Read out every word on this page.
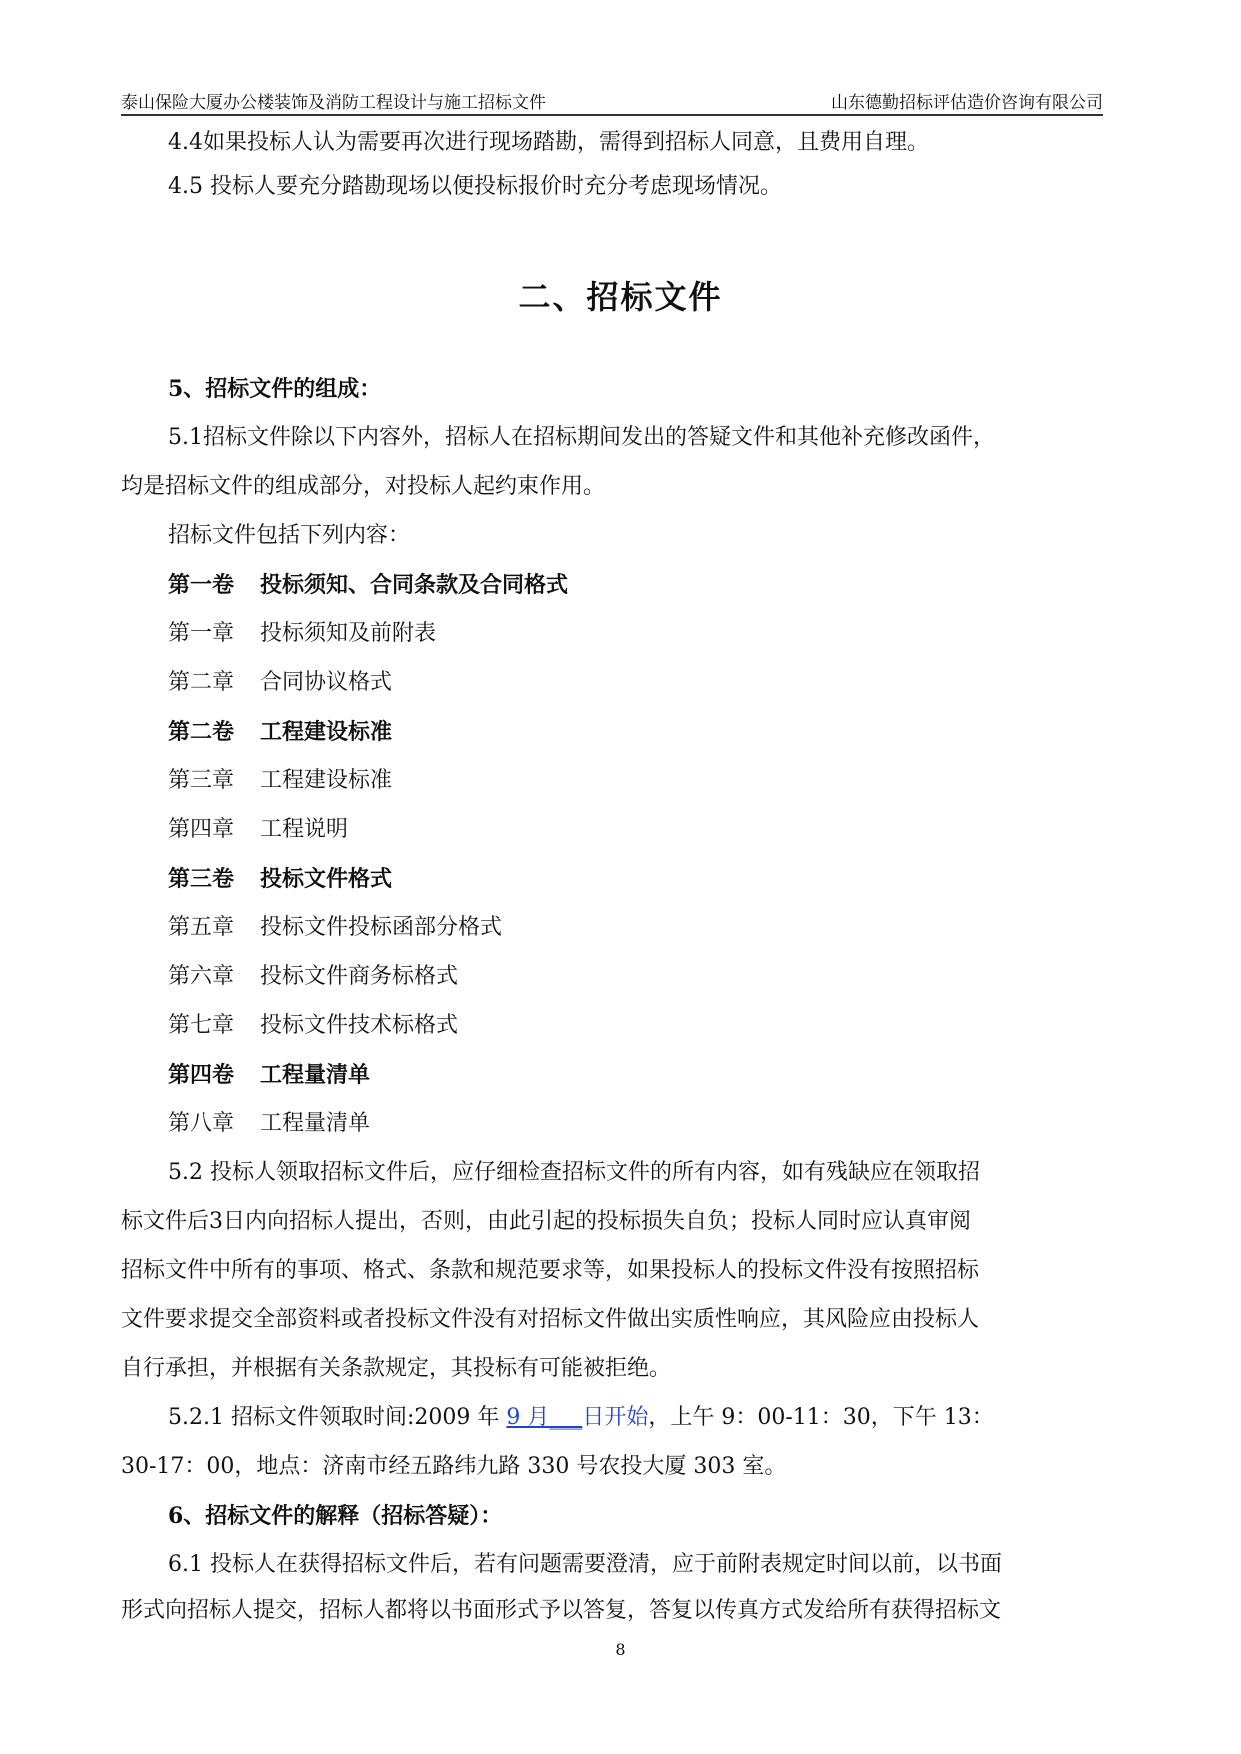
泰山保险大厦办公楼装饰及消防工程设计与施工招标文件	山东德勤招标评估造价咨询有限公司
4.4如果投标人认为需要再次进行现场踏勘，需得到招标人同意，且费用自理。
4.5 投标人要充分踏勘现场以便投标报价时充分考虑现场情况。
二、招标文件
5、招标文件的组成：
5.1招标文件除以下内容外，招标人在招标期间发出的答疑文件和其他补充修改函件，
均是招标文件的组成部分，对投标人起约束作用。
招标文件包括下列内容：
第一卷 投标须知、合同条款及合同格式
第一章 投标须知及前附表
第二章 合同协议格式
第二卷 工程建设标准
第三章 工程建设标准
第四章 工程说明
第三卷 投标文件格式
第五章 投标文件投标函部分格式
第六章 投标文件商务标格式
第七章 投标文件技术标格式
第四卷 工程量清单
第八章 工程量清单
5.2 投标人领取招标文件后，应仔细检查招标文件的所有内容，如有残缺应在领取招
标文件后3日内向招标人提出，否则，由此引起的投标损失自负；投标人同时应认真审阅
招标文件中所有的事项、格式、条款和规范要求等，如果投标人的投标文件没有按照招标
文件要求提交全部资料或者投标文件没有对招标文件做出实质性响应，其风险应由投标人
自行承担，并根据有关条款规定，其投标有可能被拒绝。
5.2.1 招标文件领取时间:2009 年 9 月___日开始，上午 9：00-11：30，下午 13：
30-17：00，地点：济南市经五路纬九路 330 号农投大厦 303 室。
6、招标文件的解释（招标答疑）：
6.1 投标人在获得招标文件后，若有问题需要澄清，应于前附表规定时间以前，以书面
形式向招标人提交，招标人都将以书面形式予以答复，答复以传真方式发给所有获得招标文
8
